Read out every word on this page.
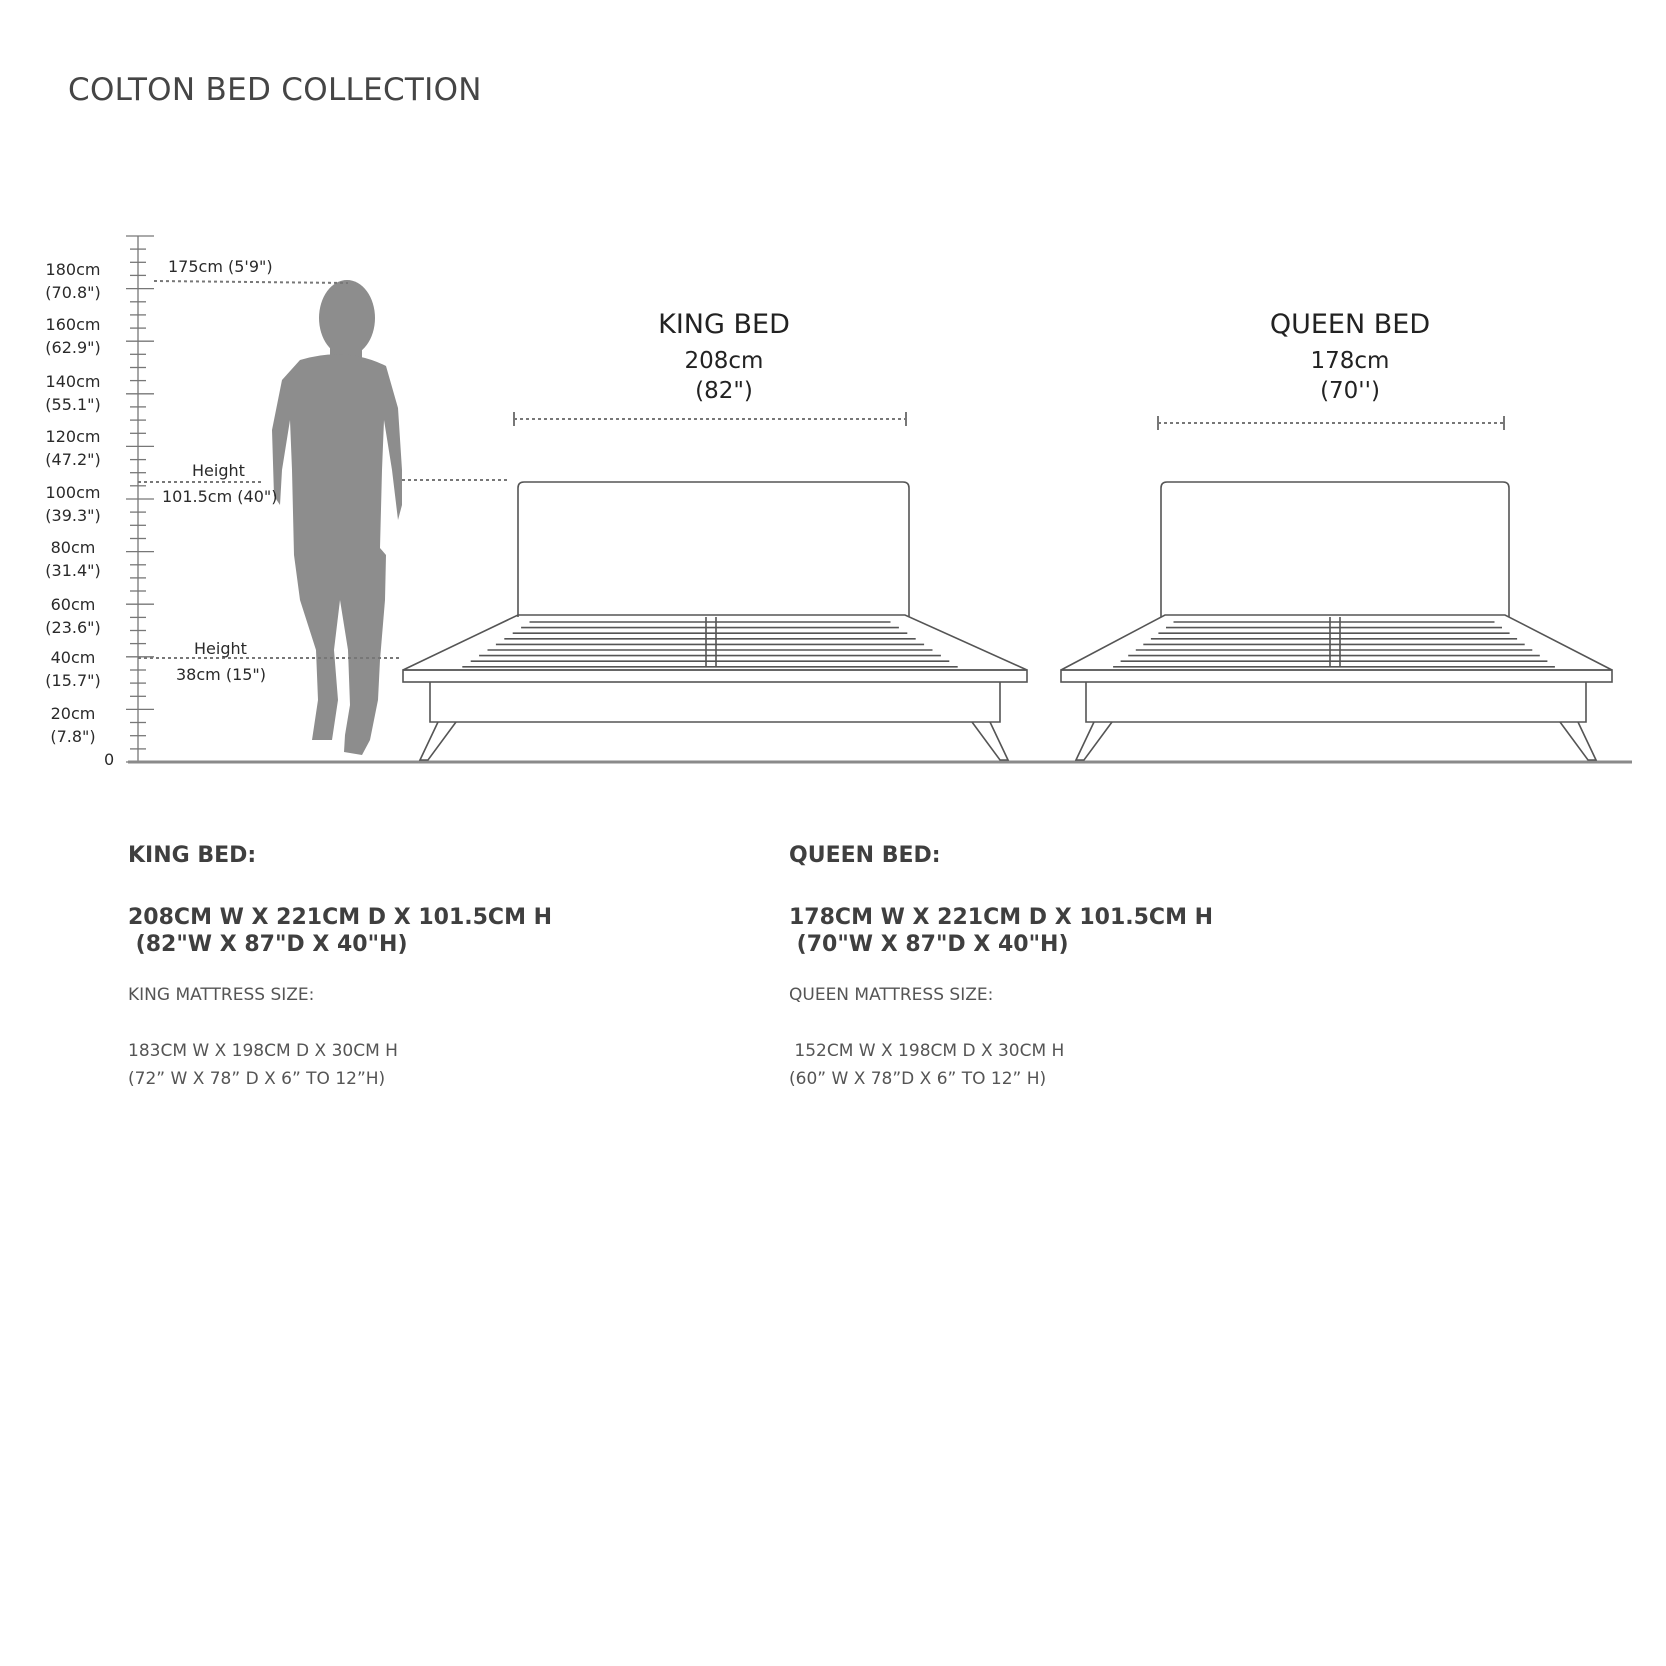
COLTON BED COLLECTION
180cm
(70.8")
160cm
(62.9")
140cm
(55.1")
120cm
(47.2")
100cm
(39.3")
80cm
(31.4")
60cm
(23.6")
40cm
(15.7")
20cm
(7.8")
0
175cm (5'9")
Height
101.5cm (40")
Height
38cm (15")
KING BED
208cm
(82")
QUEEN BED
178cm
(70'')
KING BED:
208CM W X 221CM D X 101.5CM H
(82"W X 87"D X 40"H)
KING MATTRESS SIZE:
183CM W X 198CM D X 30CM H
(72” W X 78” D X 6” TO 12”H)
QUEEN BED:
178CM W X 221CM D X 101.5CM H
(70"W X 87"D X 40"H)
QUEEN MATTRESS SIZE:
152CM W X 198CM D X 30CM H
(60” W X 78”D X 6” TO 12” H)
